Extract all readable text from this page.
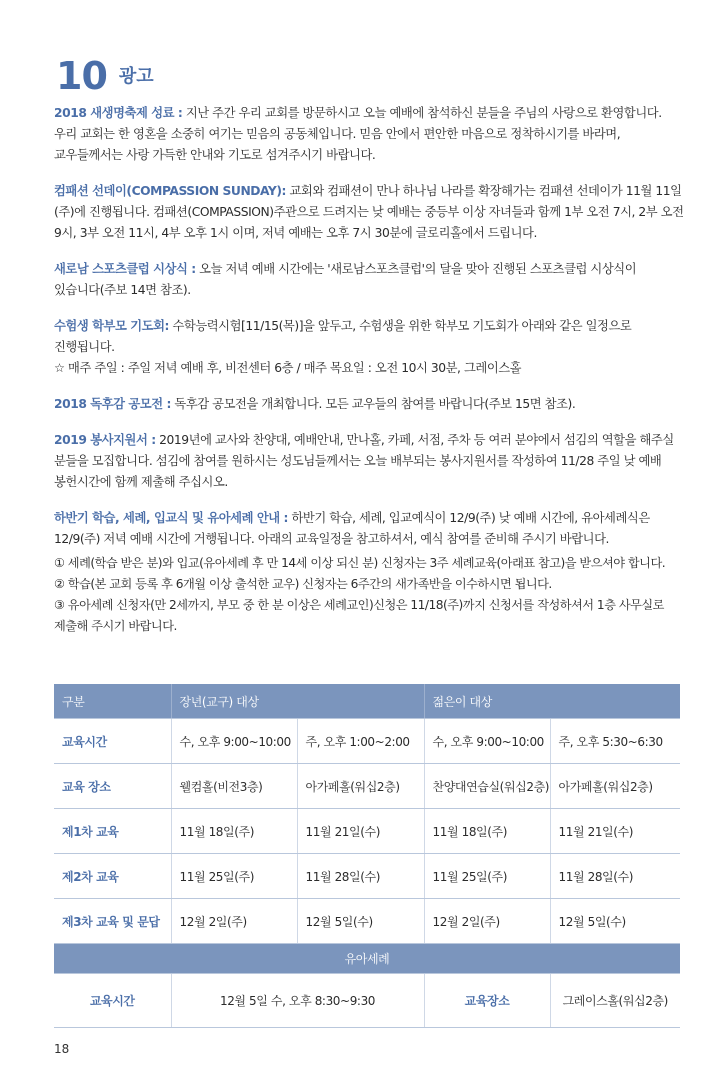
10 광고

2018 새생명축제 성료 : 지난 주간 우리 교회를 방문하시고 오늘 예배에 참석하신 분들을 주님의 사랑으로 환영합니다. 우리 교회는 한 영혼을 소중히 여기는 믿음의 공동체입니다. 믿음 안에서 편안한 마음으로 정착하시기를 바라며, 교우들께서는 사랑 가득한 안내와 기도로 섬겨주시기 바랍니다.

컴패션 선데이(COMPASSION SUNDAY): 교회와 컴패션이 만나 하나님 나라를 확장해가는 컴패션 선데이가 11월 11일(주)에 진행됩니다. 컴패션(COMPASSION)주관으로 드려지는 낮 예배는 중등부 이상 자녀들과 함께 1부 오전 7시, 2부 오전 9시, 3부 오전 11시, 4부 오후 1시 이며, 저녁 예배는 오후 7시 30분에 글로리홀에서 드립니다.

새로남 스포츠클럽 시상식 : 오늘 저녁 예배 시간에는 '새로남스포츠클럽'의 달을 맞아 진행된 스포츠클럽 시상식이 있습니다(주보 14면 참조).

수험생 학부모 기도회: 수학능력시험[11/15(목)]을 앞두고, 수험생을 위한 학부모 기도회가 아래와 같은 일정으로 진행됩니다.
☆ 매주 주일 : 주일 저녁 예배 후, 비전센터 6층 / 매주 목요일 : 오전 10시 30분, 그레이스홀

2018 독후감 공모전 : 독후감 공모전을 개최합니다. 모든 교우들의 참여를 바랍니다(주보 15면 참조).

2019 봉사지원서 : 2019년에 교사와 찬양대, 예배안내, 만나홀, 카페, 서점, 주차 등 여러 분야에서 섬김의 역할을 해주실 분들을 모집합니다. 섬김에 참여를 원하시는 성도님들께서는 오늘 배부되는 봉사지원서를 작성하여 11/28 주일 낮 예배 봉헌시간에 함께 제출해 주십시오.

하반기 학습, 세례, 입교식 및 유아세례 안내 : 하반기 학습, 세례, 입교예식이 12/9(주) 낮 예배 시간에, 유아세례식은 12/9(주) 저녁 예배 시간에 거행됩니다. 아래의 교육일정을 참고하셔서, 예식 참여를 준비해 주시기 바랍니다.

① 세례(학습 받은 분)와 입교(유아세례 후 만 14세 이상 되신 분) 신청자는 3주 세례교육(아래표 참고)을 받으셔야 합니다.
② 학습(본 교회 등록 후 6개월 이상 출석한 교우) 신청자는 6주간의 새가족반을 이수하시면 됩니다.
③ 유아세례 신청자(만 2세까지, 부모 중 한 분 이상은 세례교인)신청은 11/18(주)까지 신청서를 작성하셔서 1층 사무실로 제출해 주시기 바랍니다.
구분	장년(교구) 대상		젊은이 대상	
교육시간	수, 오후 9:00~10:00	주, 오후 1:00~2:00	수, 오후 9:00~10:00	주, 오후 5:30~6:30
교육 장소	웰컴홀(비전3층)	아가페홀(워십2층)	찬양대연습실(워십2층)	아가페홀(워십2층)
제1차 교육	11월 18일(주)	11월 21일(수)	11월 18일(주)	11월 21일(수)
제2차 교육	11월 25일(주)	11월 28일(수)	11월 25일(주)	11월 28일(수)
제3차 교육 및 문답	12월 2일(주)	12월 5일(수)	12월 2일(주)	12월 5일(수)
유아세례				
교육시간	12월 5일 수, 오후 8:30~9:30		교육장소	그레이스홀(워십2층)
18
